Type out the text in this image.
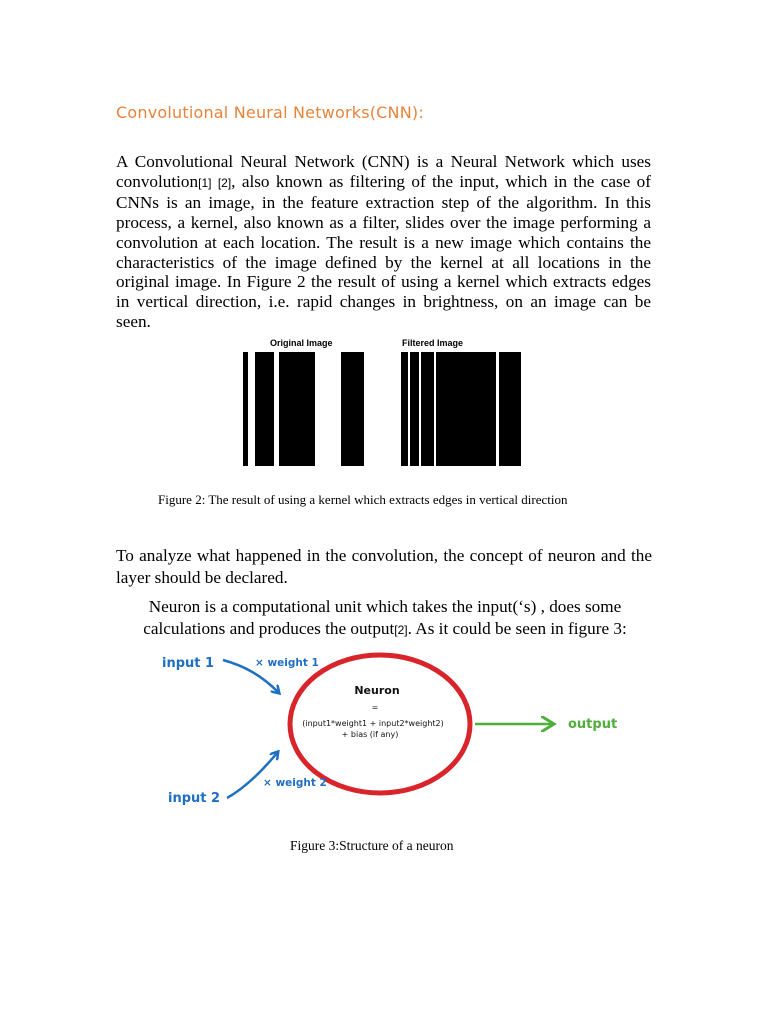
Convolutional Neural Networks(CNN):

A Convolutional Neural Network (CNN) is a Neural Network which uses convolution[1] [2], also known as filtering of the input, which in the case of CNNs is an image, in the feature extraction step of the algorithm. In this process, a kernel, also known as a filter, slides over the image performing a convolution at each location. The result is a new image which contains the characteristics of the image defined by the kernel at all locations in the original image. In Figure 2 the result of using a kernel which extracts edges in vertical direction, i.e. rapid changes in brightness, on an image can be seen.

Original Image	Filtered Image
Figure 2: The result of using a kernel which extracts edges in vertical direction

To analyze what happened in the convolution, the concept of neuron and the layer should be declared.

Neuron is a computational unit which takes the input(‘s) , does some calculations and produces the output[2]. As it could be seen in figure 3:

input 1	× weight 1
Neuron
=
(input1*weight1 + input2*weight2)
+ bias (if any)
output
input 2
× weight 2
Figure 3:Structure of a neuron
